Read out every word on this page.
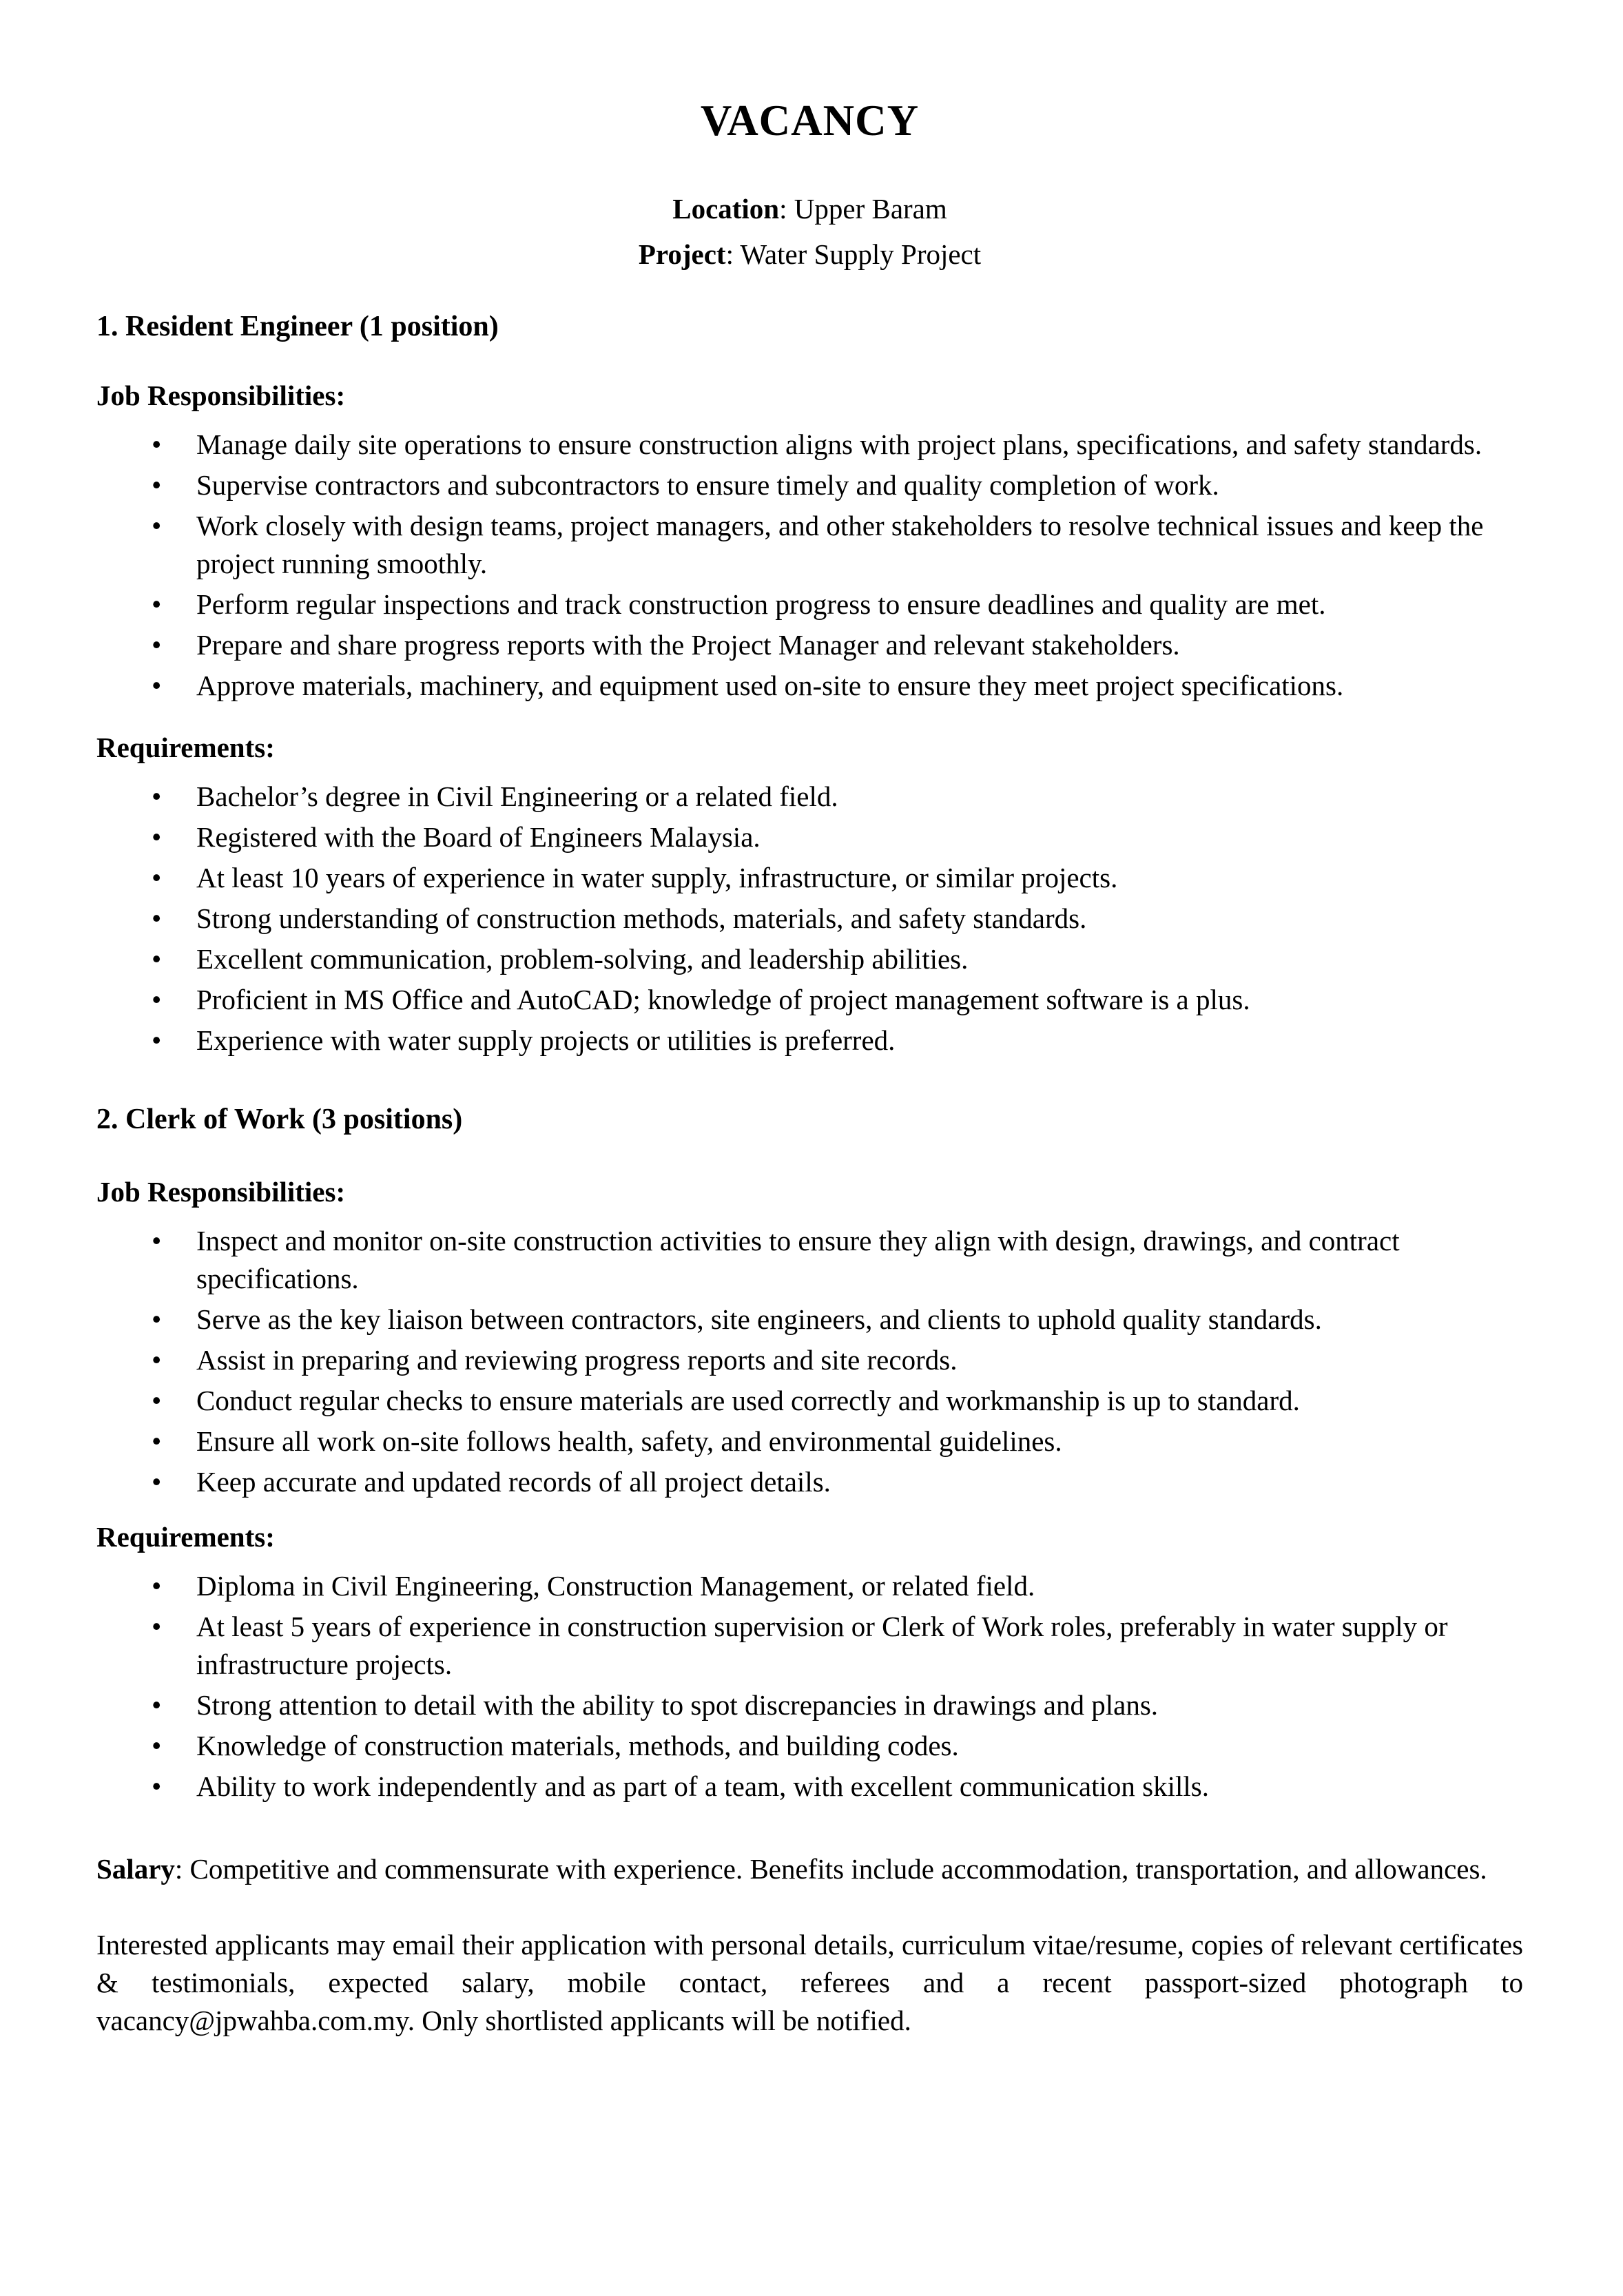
VACANCY
Location: Upper Baram
Project: Water Supply Project
1. Resident Engineer (1 position)
Job Responsibilities:
• Manage daily site operations to ensure construction aligns with project plans, specifications, and safety standards.
• Supervise contractors and subcontractors to ensure timely and quality completion of work.
• Work closely with design teams, project managers, and other stakeholders to resolve technical issues and keep the project running smoothly.
• Perform regular inspections and track construction progress to ensure deadlines and quality are met.
• Prepare and share progress reports with the Project Manager and relevant stakeholders.
• Approve materials, machinery, and equipment used on-site to ensure they meet project specifications.
Requirements:
• Bachelor’s degree in Civil Engineering or a related field.
• Registered with the Board of Engineers Malaysia.
• At least 10 years of experience in water supply, infrastructure, or similar projects.
• Strong understanding of construction methods, materials, and safety standards.
• Excellent communication, problem-solving, and leadership abilities.
• Proficient in MS Office and AutoCAD; knowledge of project management software is a plus.
• Experience with water supply projects or utilities is preferred.
2. Clerk of Work (3 positions)
Job Responsibilities:
• Inspect and monitor on-site construction activities to ensure they align with design, drawings, and contract specifications.
• Serve as the key liaison between contractors, site engineers, and clients to uphold quality standards.
• Assist in preparing and reviewing progress reports and site records.
• Conduct regular checks to ensure materials are used correctly and workmanship is up to standard.
• Ensure all work on-site follows health, safety, and environmental guidelines.
• Keep accurate and updated records of all project details.
Requirements:
• Diploma in Civil Engineering, Construction Management, or related field.
• At least 5 years of experience in construction supervision or Clerk of Work roles, preferably in water supply or infrastructure projects.
• Strong attention to detail with the ability to spot discrepancies in drawings and plans.
• Knowledge of construction materials, methods, and building codes.
• Ability to work independently and as part of a team, with excellent communication skills.

Salary: Competitive and commensurate with experience. Benefits include accommodation, transportation, and allowances.

Interested applicants may email their application with personal details, curriculum vitae/resume, copies of relevant certificates & testimonials, expected salary, mobile contact, referees and a recent passport-sized photograph to vacancy@jpwahba.com.my. Only shortlisted applicants will be notified.
